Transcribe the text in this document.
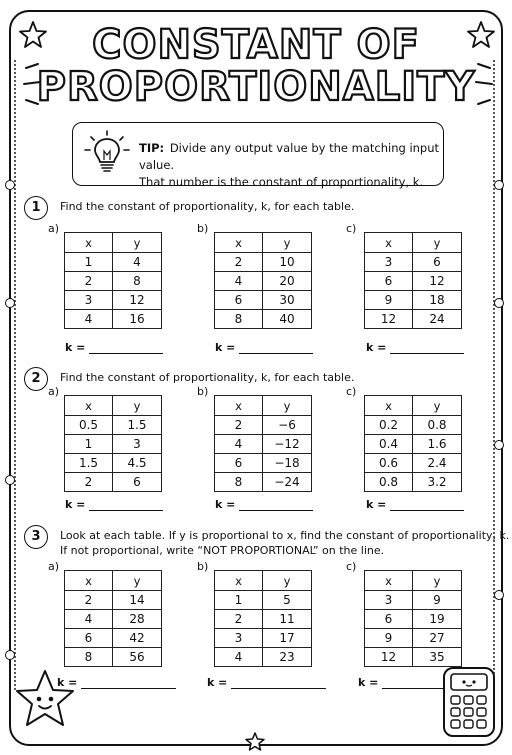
CONSTANT OF
PROPORTIONALITY
TIP: Divide any output value by the matching input value.
That number is the constant of proportionality, k.
1	Find the constant of proportionality, k, for each table.
a)
x	y
1	4
2	8
3	12
4	16
k =
b)
x	y
2	10
4	20
6	30
8	40
k =
c)
x	y
3	6
6	12
9	18
12	24
k =
2	Find the constant of proportionality, k, for each table.
a)
x	y
0.5	1.5
1	3
1.5	4.5
2	6
k =
b)
x	y
2	−6
4	−12
6	−18
8	−24
k =
c)
x	y
0.2	0.8
0.4	1.6
0.6	2.4
0.8	3.2
k =
3	Look at each table. If y is proportional to x, find the constant of proportionality, k.
If not proportional, write “NOT PROPORTIONAL” on the line.
a)
x	y
2	14
4	28
6	42
8	56
k =
b)
x	y
1	5
2	11
3	17
4	23
k =
c)
x	y
3	9
6	19
9	27
12	35
k =
